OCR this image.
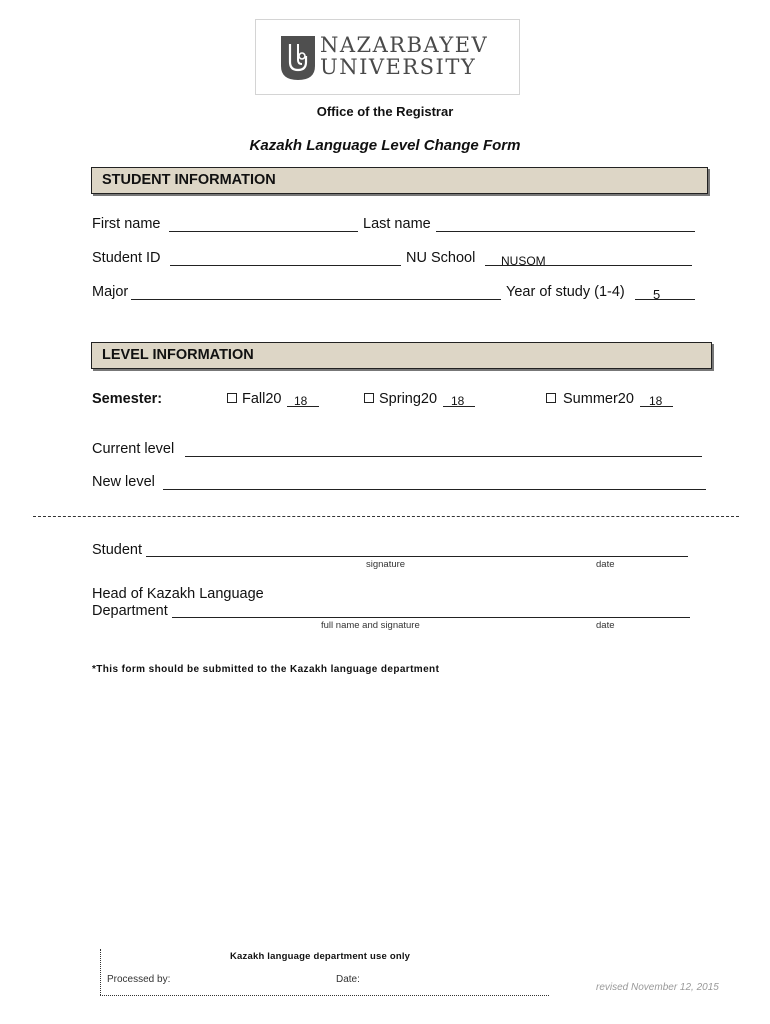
NAZARBAYEV
UNIVERSITY
Office of the Registrar
Kazakh Language Level Change Form
STUDENT INFORMATION
First name	Last name
Student ID	NU School NUSOM
Major	Year of study (1-4) 5
LEVEL INFORMATION
Semester:	Fall20 18	Spring20 18	Summer20 18
Current level
New level
Student
signature	date
Head of Kazakh Language
Department
full name and signature	date
*This form should be submitted to the Kazakh language department
Kazakh language department use only
Processed by:	Date:
revised November 12, 2015
